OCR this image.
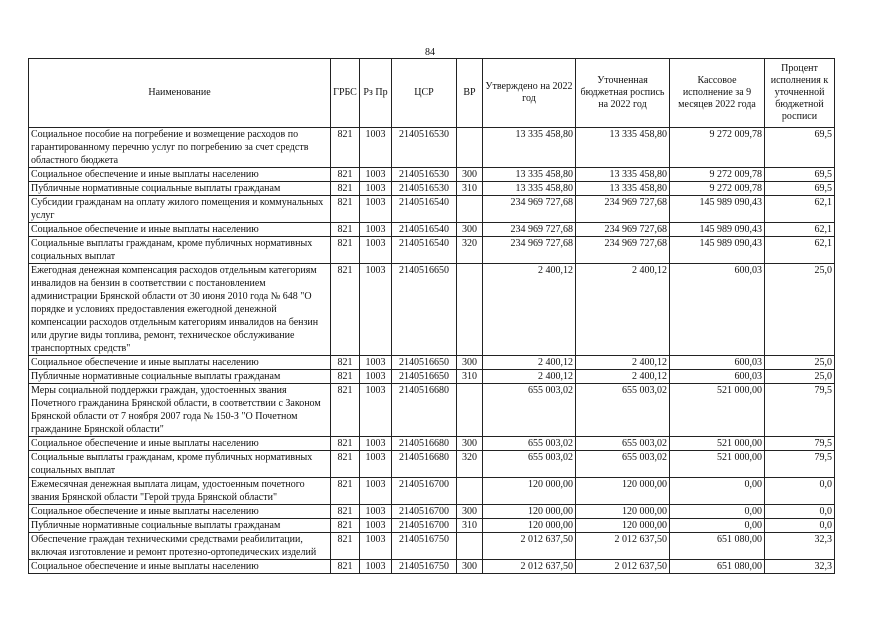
84
Наименование	ГРБС	Рз Пр	ЦСР	ВР	Утверждено на 2022 год	Уточненная бюджетная роспись на 2022 год	Кассовое исполнение за 9 месяцев 2022 года	Процент исполнения к уточненной бюджетной росписи
Социальное пособие на погребение и возмещение расходов по гарантированному перечню услуг по погребению за счет средств областного бюджета	821	1003	2140516530		13 335 458,80	13 335 458,80	9 272 009,78	69,5
Социальное обеспечение и иные выплаты населению	821	1003	2140516530	300	13 335 458,80	13 335 458,80	9 272 009,78	69,5
Публичные нормативные социальные выплаты гражданам	821	1003	2140516530	310	13 335 458,80	13 335 458,80	9 272 009,78	69,5
Субсидии гражданам на оплату жилого помещения и коммунальных услуг	821	1003	2140516540		234 969 727,68	234 969 727,68	145 989 090,43	62,1
Социальное обеспечение и иные выплаты населению	821	1003	2140516540	300	234 969 727,68	234 969 727,68	145 989 090,43	62,1
Социальные выплаты гражданам, кроме публичных нормативных социальных выплат	821	1003	2140516540	320	234 969 727,68	234 969 727,68	145 989 090,43	62,1
Ежегодная денежная компенсация расходов отдельным категориям инвалидов на бензин в соответствии с постановлением администрации Брянской области от 30 июня 2010 года № 648 "О порядке и условиях предоставления ежегодной денежной компенсации расходов отдельным категориям инвалидов на бензин или другие виды топлива, ремонт, техническое обслуживание транспортных средств"	821	1003	2140516650		2 400,12	2 400,12	600,03	25,0
Социальное обеспечение и иные выплаты населению	821	1003	2140516650	300	2 400,12	2 400,12	600,03	25,0
Публичные нормативные социальные выплаты гражданам	821	1003	2140516650	310	2 400,12	2 400,12	600,03	25,0
Меры социальной поддержки граждан, удостоенных звания Почетного гражданина Брянской области, в соответствии с Законом Брянской области от 7 ноября 2007 года № 150-З "О Почетном гражданине Брянской области"	821	1003	2140516680		655 003,02	655 003,02	521 000,00	79,5
Социальное обеспечение и иные выплаты населению	821	1003	2140516680	300	655 003,02	655 003,02	521 000,00	79,5
Социальные выплаты гражданам, кроме публичных нормативных социальных выплат	821	1003	2140516680	320	655 003,02	655 003,02	521 000,00	79,5
Ежемесячная денежная выплата лицам, удостоенным почетного звания Брянской области "Герой труда Брянской области"	821	1003	2140516700		120 000,00	120 000,00	0,00	0,0
Социальное обеспечение и иные выплаты населению	821	1003	2140516700	300	120 000,00	120 000,00	0,00	0,0
Публичные нормативные социальные выплаты гражданам	821	1003	2140516700	310	120 000,00	120 000,00	0,00	0,0
Обеспечение граждан техническими средствами реабилитации, включая изготовление и ремонт протезно-ортопедических изделий	821	1003	2140516750		2 012 637,50	2 012 637,50	651 080,00	32,3
Социальное обеспечение и иные выплаты населению	821	1003	2140516750	300	2 012 637,50	2 012 637,50	651 080,00	32,3
